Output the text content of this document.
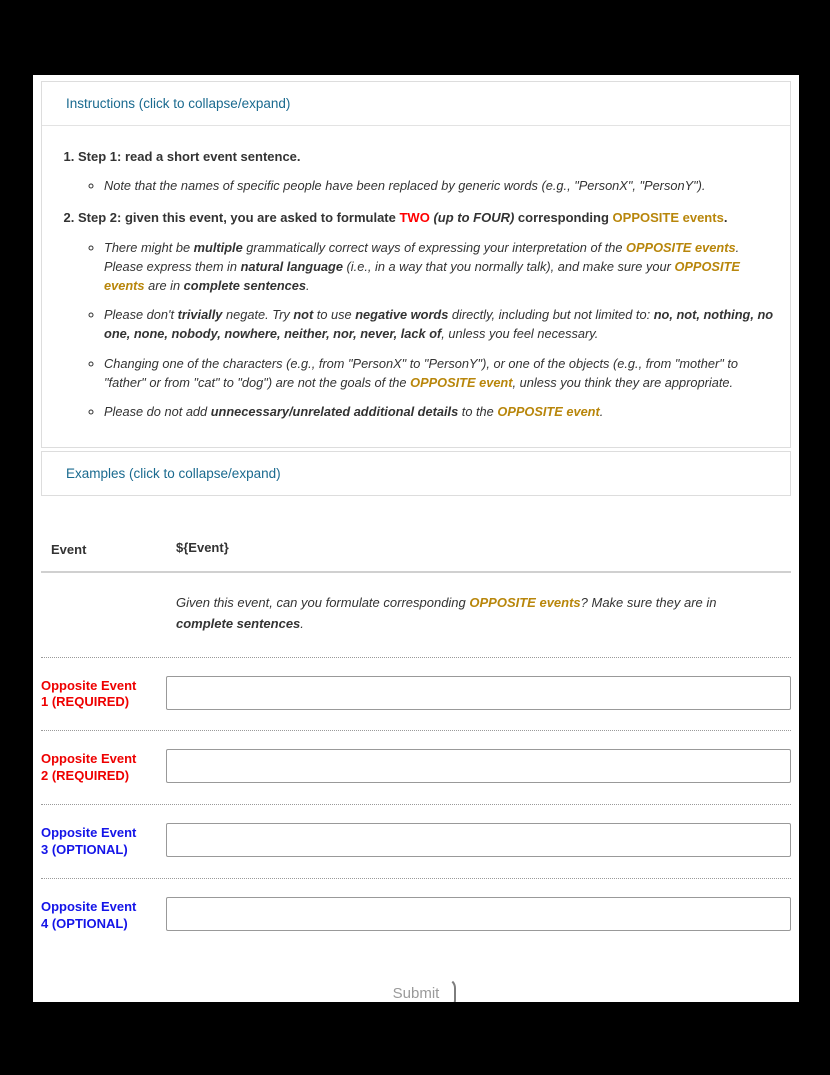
Instructions (click to collapse/expand)
1. Step 1: read a short event sentence.
◦ Note that the names of specific people have been replaced by generic words (e.g., "PersonX", "PersonY").
2. Step 2: given this event, you are asked to formulate TWO (up to FOUR) corresponding OPPOSITE events.
◦ There might be multiple grammatically correct ways of expressing your interpretation of the OPPOSITE events. Please express them in natural language (i.e., in a way that you normally talk), and make sure your OPPOSITE events are in complete sentences.
◦ Please don't trivially negate. Try not to use negative words directly, including but not limited to: no, not, nothing, no one, none, nobody, nowhere, neither, nor, never, lack of, unless you feel necessary.
◦ Changing one of the characters (e.g., from "PersonX" to "PersonY"), or one of the objects (e.g., from "mother" to "father" or from "cat" to "dog") are not the goals of the OPPOSITE event, unless you think they are appropriate.
◦ Please do not add unnecessary/unrelated additional details to the OPPOSITE event.
Examples (click to collapse/expand)
Event	${Event}
Given this event, can you formulate corresponding OPPOSITE events? Make sure they are in complete sentences.
Opposite Event
1 (REQUIRED)
Opposite Event
2 (REQUIRED)
Opposite Event
3 (OPTIONAL)
Opposite Event
4 (OPTIONAL)
Submit
